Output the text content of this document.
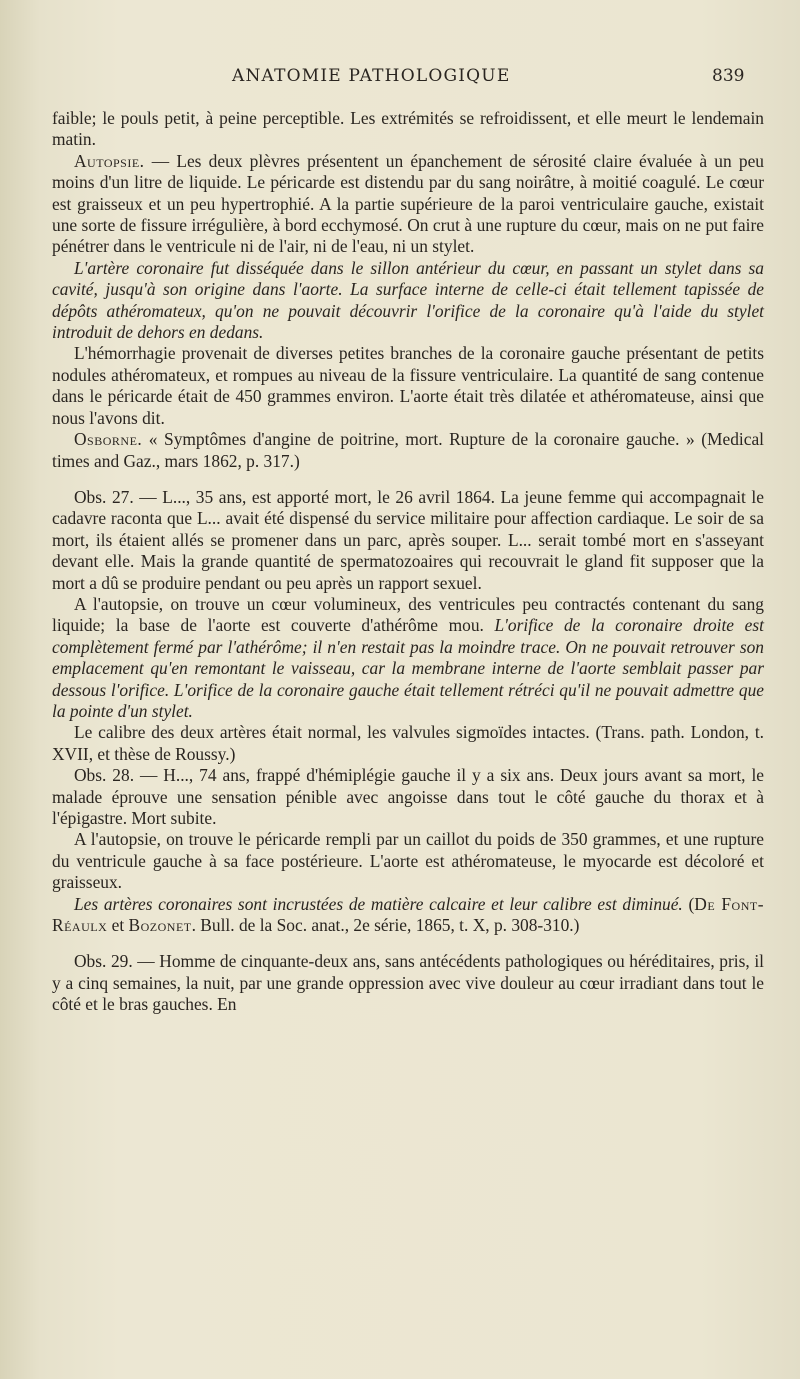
ANATOMIE PATHOLOGIQUE	839

faible; le pouls petit, à peine perceptible. Les extrémités se refroidissent, et elle meurt le lendemain matin.

Autopsie. — Les deux plèvres présentent un épanchement de sérosité claire évaluée à un peu moins d'un litre de liquide. Le péricarde est distendu par du sang noirâtre, à moitié coagulé. Le cœur est graisseux et un peu hypertrophié. A la partie supérieure de la paroi ventriculaire gauche, existait une sorte de fissure irrégulière, à bord ecchymosé. On crut à une rupture du cœur, mais on ne put faire pénétrer dans le ventricule ni de l'air, ni de l'eau, ni un stylet.

L'artère coronaire fut disséquée dans le sillon antérieur du cœur, en passant un stylet dans sa cavité, jusqu'à son origine dans l'aorte. La surface interne de celle-ci était tellement tapissée de dépôts athéromateux, qu'on ne pouvait découvrir l'orifice de la coronaire qu'à l'aide du stylet introduit de dehors en dedans.

L'hémorrhagie provenait de diverses petites branches de la coronaire gauche présentant de petits nodules athéromateux, et rompues au niveau de la fissure ventriculaire. La quantité de sang contenue dans le péricarde était de 450 grammes environ. L'aorte était très dilatée et athéromateuse, ainsi que nous l'avons dit.

Osborne. « Symptômes d'angine de poitrine, mort. Rupture de la coronaire gauche. » (Medical times and Gaz., mars 1862, p. 317.)

Obs. 27. — L..., 35 ans, est apporté mort, le 26 avril 1864. La jeune femme qui accompagnait le cadavre raconta que L... avait été dispensé du service militaire pour affection cardiaque. Le soir de sa mort, ils étaient allés se promener dans un parc, après souper. L... serait tombé mort en s'asseyant devant elle. Mais la grande quantité de spermatozoaires qui recouvrait le gland fit supposer que la mort a dû se produire pendant ou peu après un rapport sexuel.

A l'autopsie, on trouve un cœur volumineux, des ventricules peu contractés contenant du sang liquide; la base de l'aorte est couverte d'athérôme mou. L'orifice de la coronaire droite est complètement fermé par l'athérôme; il n'en restait pas la moindre trace. On ne pouvait retrouver son emplacement qu'en remontant le vaisseau, car la membrane interne de l'aorte semblait passer par dessous l'orifice. L'orifice de la coronaire gauche était tellement rétréci qu'il ne pouvait admettre que la pointe d'un stylet.

Le calibre des deux artères était normal, les valvules sigmoïdes intactes. (Trans. path. London, t. XVII, et thèse de Roussy.)

Obs. 28. — H..., 74 ans, frappé d'hémiplégie gauche il y a six ans. Deux jours avant sa mort, le malade éprouve une sensation pénible avec angoisse dans tout le côté gauche du thorax et à l'épigastre. Mort subite.

A l'autopsie, on trouve le péricarde rempli par un caillot du poids de 350 grammes, et une rupture du ventricule gauche à sa face postérieure. L'aorte est athéromateuse, le myocarde est décoloré et graisseux.

Les artères coronaires sont incrustées de matière calcaire et leur calibre est diminué. (De Font-Réaulx et Bozonet. Bull. de la Soc. anat., 2e série, 1865, t. X, p. 308-310.)

Obs. 29. — Homme de cinquante-deux ans, sans antécédents pathologiques ou héréditaires, pris, il y a cinq semaines, la nuit, par une grande oppression avec vive douleur au cœur irradiant dans tout le côté et le bras gauches. En
